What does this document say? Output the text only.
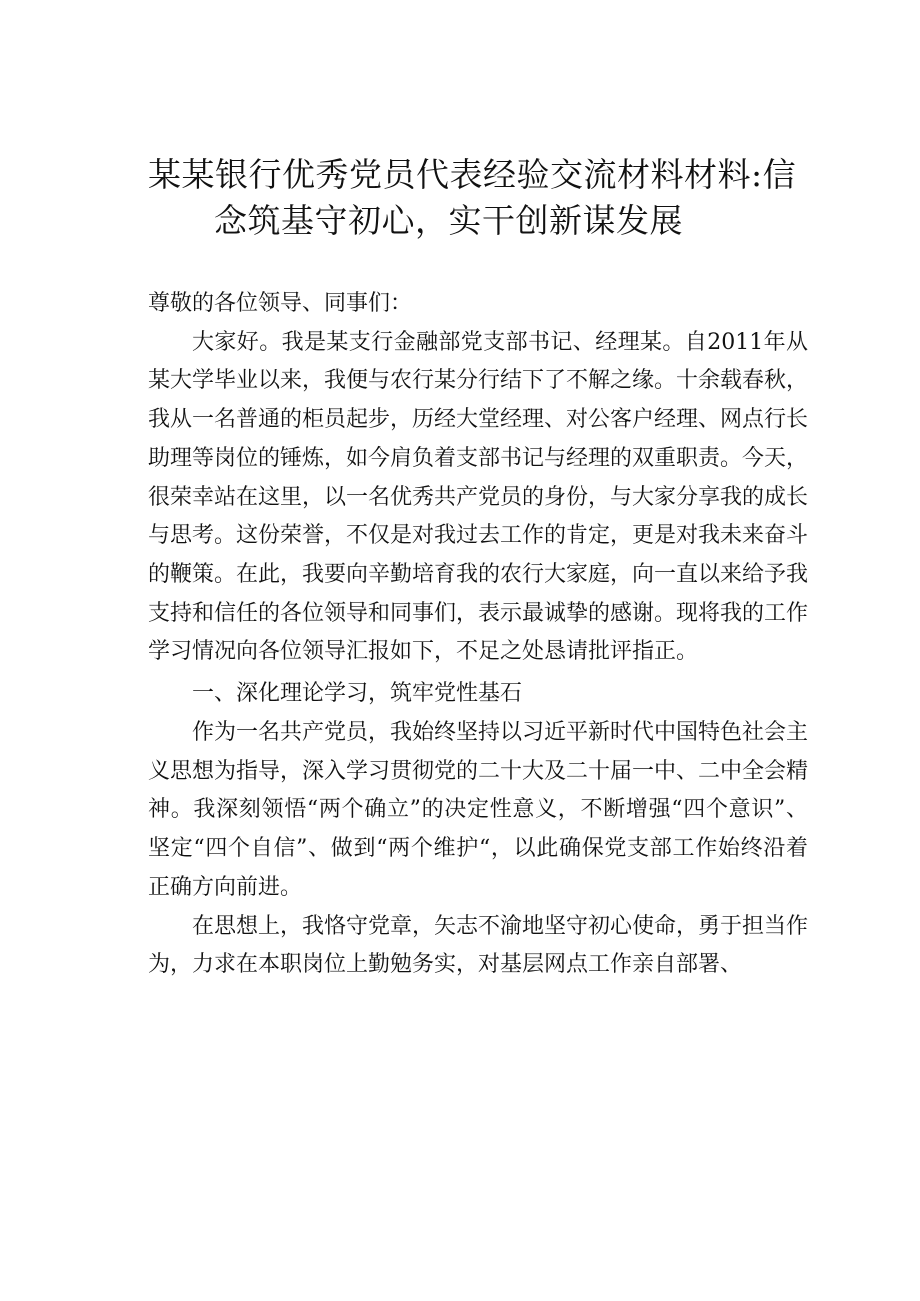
某某银行优秀党员代表经验交流材料材料:信
念筑基守初心，实干创新谋发展

尊敬的各位领导、同事们：

大家好。我是某支行金融部党支部书记、经理某。自2011年从某大学毕业以来，我便与农行某分行结下了不解之缘。十余载春秋，我从一名普通的柜员起步，历经大堂经理、对公客户经理、网点行长助理等岗位的锤炼，如今肩负着支部书记与经理的双重职责。今天，很荣幸站在这里，以一名优秀共产党员的身份，与大家分享我的成长与思考。这份荣誉，不仅是对我过去工作的肯定，更是对我未来奋斗的鞭策。在此，我要向辛勤培育我的农行大家庭，向一直以来给予我支持和信任的各位领导和同事们，表示最诚挚的感谢。现将我的工作学习情况向各位领导汇报如下，不足之处恳请批评指正。

一、深化理论学习，筑牢党性基石

作为一名共产党员，我始终坚持以习近平新时代中国特色社会主义思想为指导，深入学习贯彻党的二十大及二十届一中、二中全会精神。我深刻领悟“两个确立”的决定性意义，不断增强“四个意识”、坚定“四个自信”、做到“两个维护“，以此确保党支部工作始终沿着正确方向前进。

在思想上，我恪守党章，矢志不渝地坚守初心使命，勇于担当作为，力求在本职岗位上勤勉务实，对基层网点工作亲自部署、
